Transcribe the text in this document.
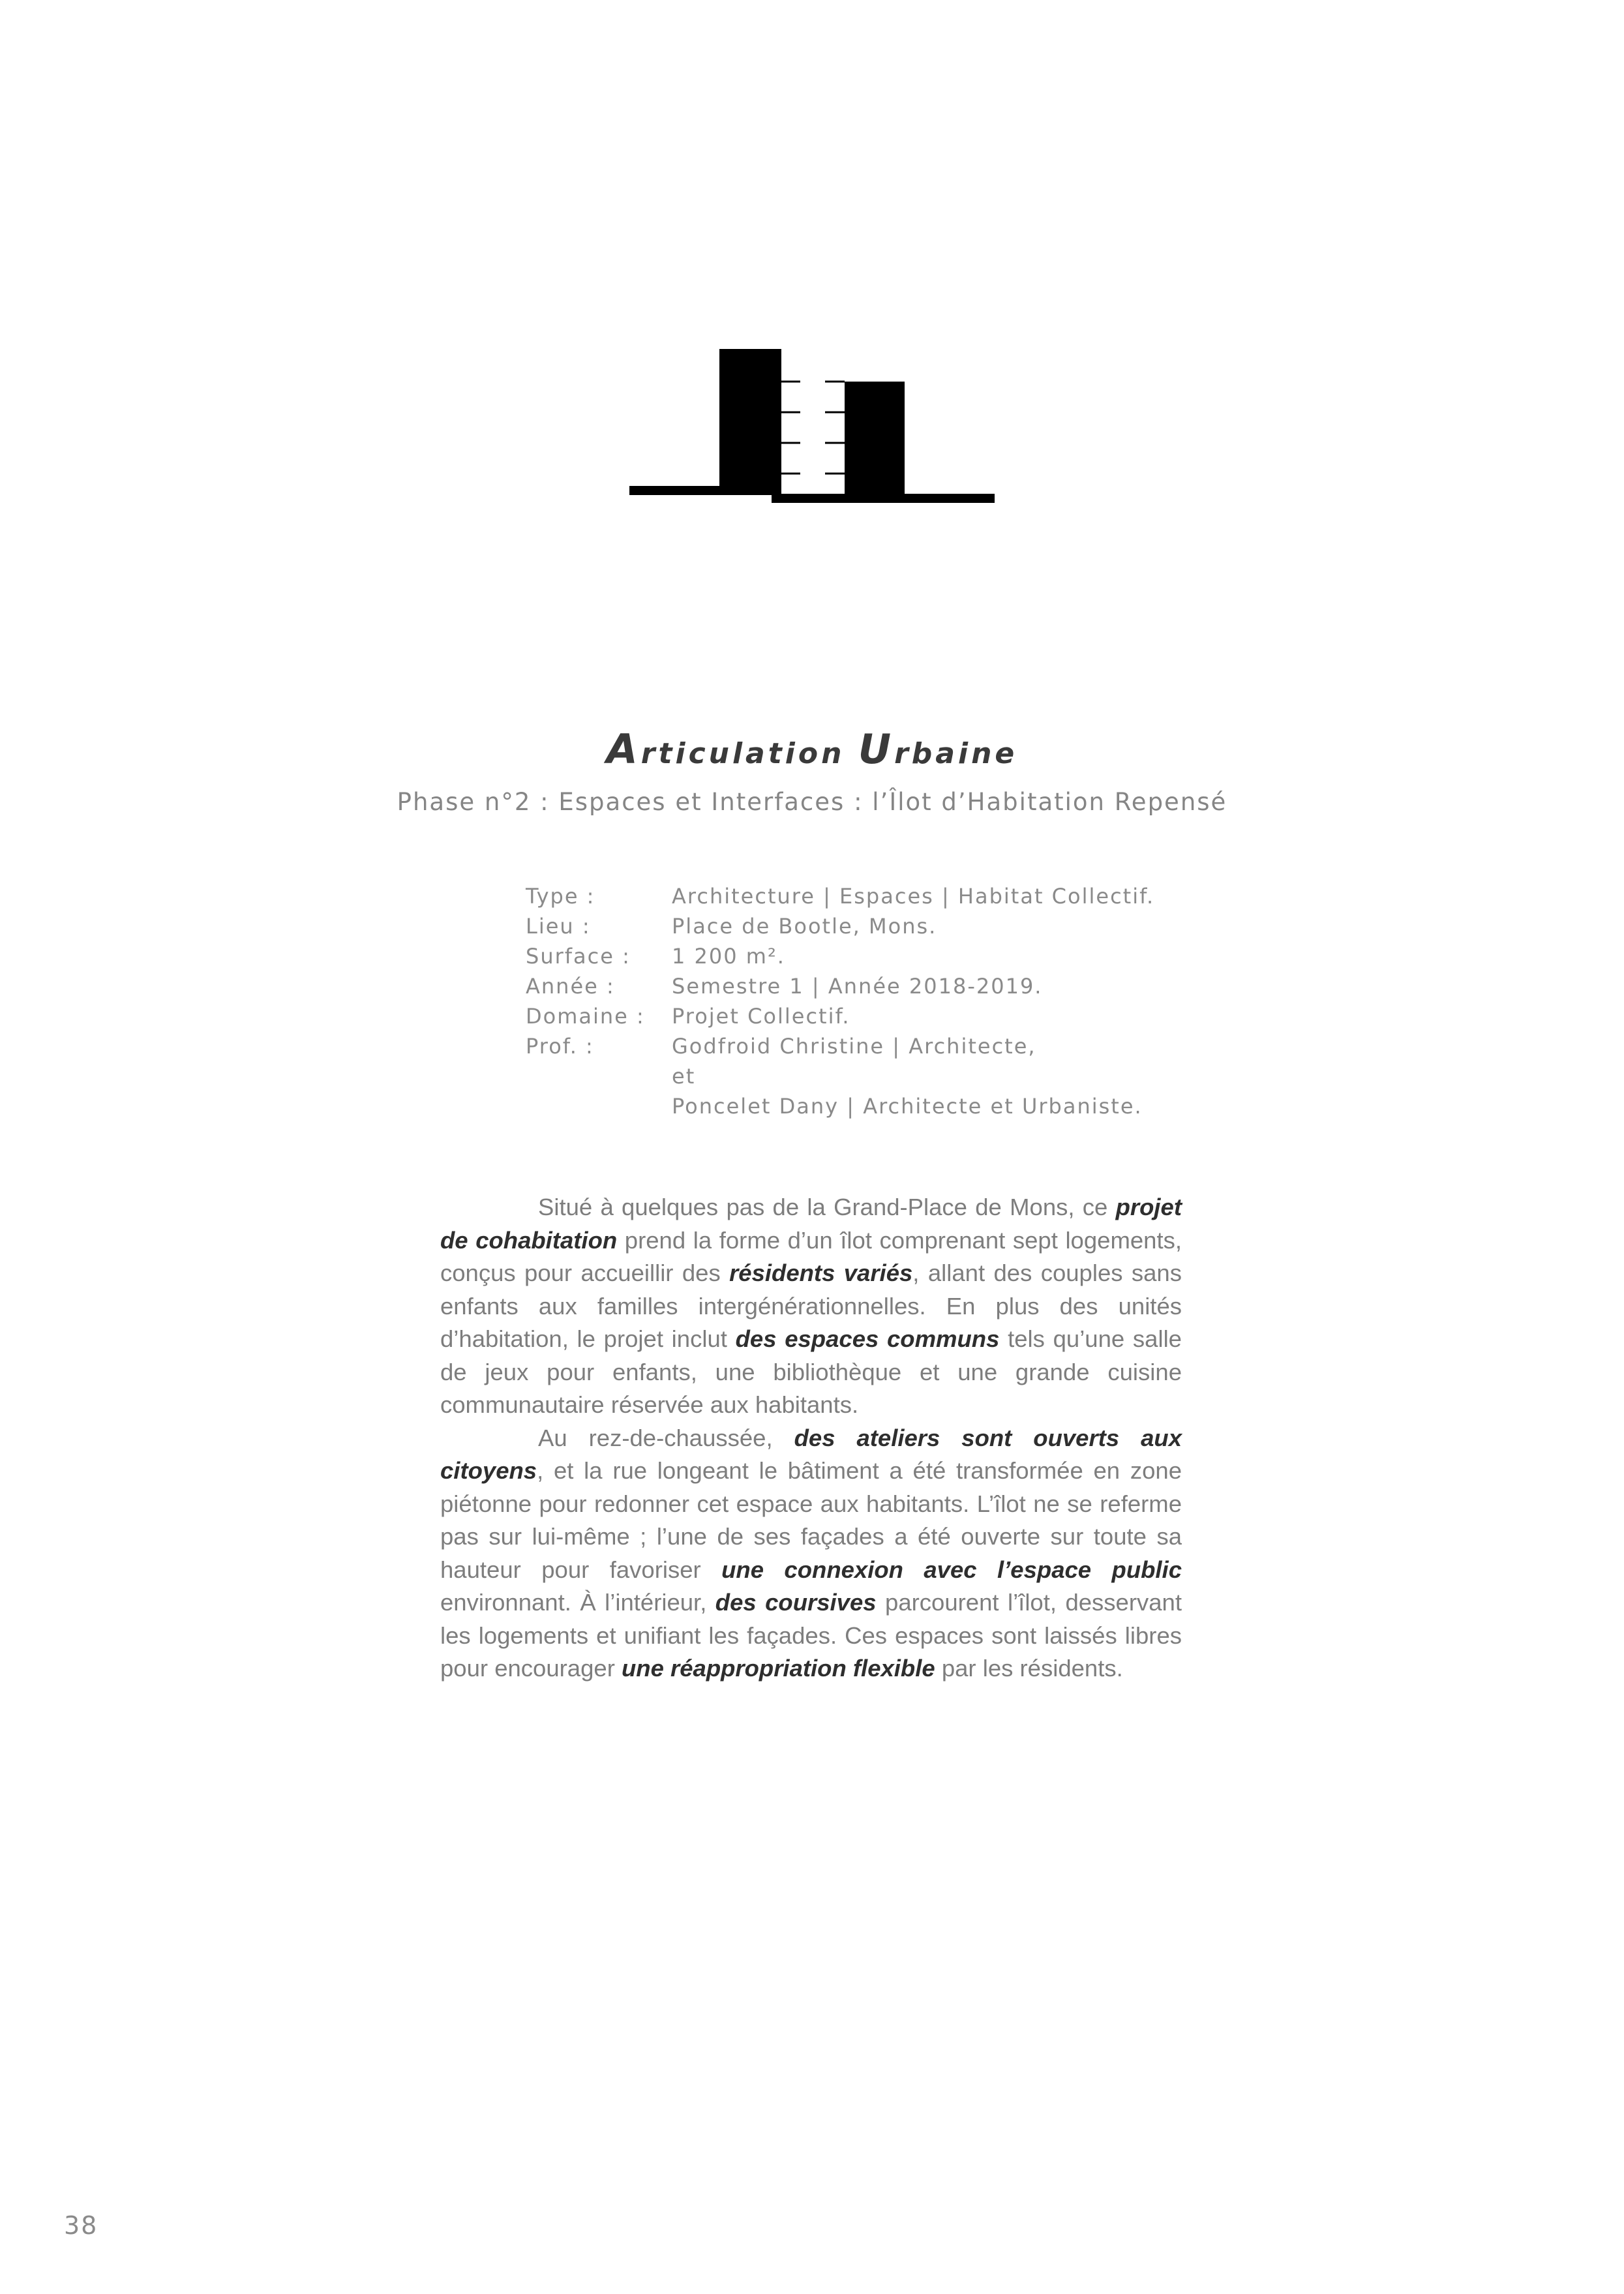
Articulation Urbaine
Phase n°2 : Espaces et Interfaces : l’Îlot d’Habitation Repensé
Type :	Architecture | Espaces | Habitat Collectif.
Lieu :	Place de Bootle, Mons.
Surface :	1 200 m².
Année :	Semestre 1 | Année 2018-2019.
Domaine :	Projet Collectif.
Prof. :	Godfroid Christine | Architecte,
et
Poncelet Dany | Architecte et Urbaniste.

Situé à quelques pas de la Grand-Place de Mons, ce projet de cohabitation prend la forme d’un îlot comprenant sept logements, conçus pour accueillir des résidents variés, allant des couples sans enfants aux familles intergénérationnelles. En plus des unités d’habitation, le projet inclut des espaces communs tels qu’une salle de jeux pour enfants, une bibliothèque et une grande cuisine communautaire réservée aux habitants.

Au rez-de-chaussée, des ateliers sont ouverts aux citoyens, et la rue longeant le bâtiment a été transformée en zone piétonne pour redonner cet espace aux habitants. L’îlot ne se referme pas sur lui-même ; l’une de ses façades a été ouverte sur toute sa hauteur pour favoriser une connexion avec l’espace public environnant. À l’intérieur, des coursives parcourent l’îlot, desservant les logements et unifiant les façades. Ces espaces sont laissés libres pour encourager une réappropriation flexible par les résidents.

38
